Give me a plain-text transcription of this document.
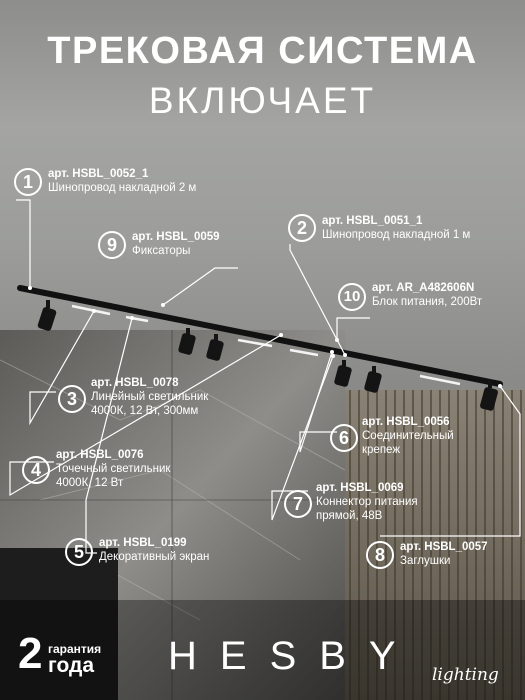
ТРЕКОВАЯ СИСТЕМА
ВКЛЮЧАЕТ
1	арт. HSBL_0052_1
Шинопровод накладной 2 м
9	арт. HSBL_0059
Фиксаторы
2	арт. HSBL_0051_1
Шинопровод накладной 1 м
10	арт. AR_A482606N
Блок питания, 200Вт
3
арт. HSBL_0078
Линейный светильник
4000К, 12 Вт, 300мм
6
арт. HSBL_0056
Соединительный
крепеж
4
арт. HSBL_0076
Точечный светильник
4000К, 12 Вт
7
арт. HSBL_0069
Коннектор питания
прямой, 48В
5	арт. HSBL_0199
Декоративный экран	8	арт. HSBL_0057
Заглушки
2 гарантия
года HESBY lighting
